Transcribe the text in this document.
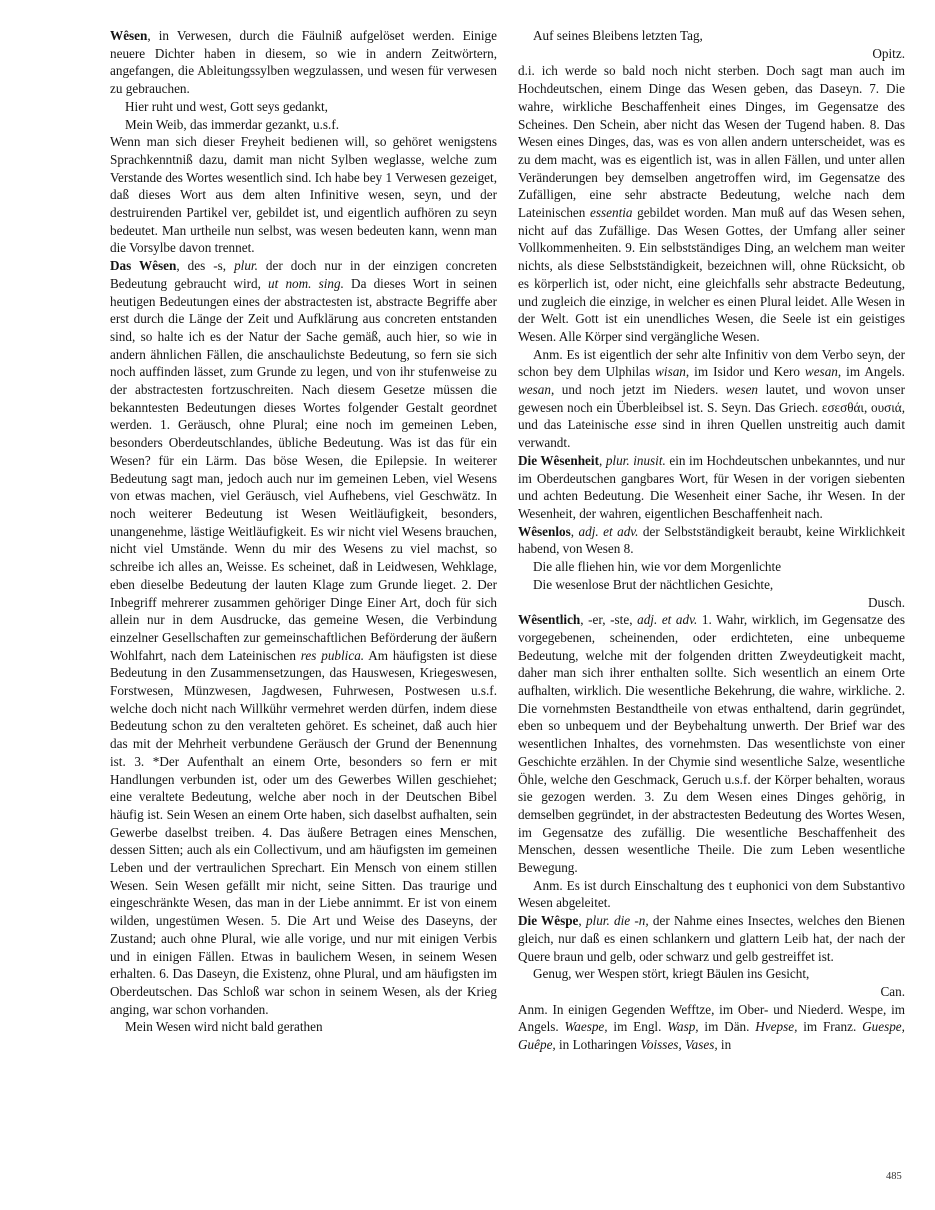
Wêsen, in Verwesen, durch die Fäulniß aufgelöset werden. Einige neuere Dichter haben in diesem, so wie in andern Zeitwörtern, angefangen, die Ableitungssylben wegzulassen, und wesen für verwesen zu gebrauchen.
Hier ruht und west, Gott seys gedankt,
Mein Weib, das immerdar gezankt, u.s.f.
Wenn man sich dieser Freyheit bedienen will, so gehöret wenigstens Sprachkenntniß dazu, damit man nicht Sylben weglasse, welche zum Verstande des Wortes wesentlich sind. Ich habe bey 1 Verwesen gezeiget, daß dieses Wort aus dem alten Infinitive wesen, seyn, und der destruirenden Partikel ver, gebildet ist, und eigentlich aufhören zu seyn bedeutet. Man urtheile nun selbst, was wesen bedeuten kann, wenn man die Vorsylbe davon trennet.
Das Wêsen, des -s, plur. der doch nur in der einzigen concreten Bedeutung gebraucht wird, ut nom. sing. Da dieses Wort in seinen heutigen Bedeutungen eines der abstractesten ist, abstracte Begriffe aber erst durch die Länge der Zeit und Aufklärung aus concreten entstanden sind, so halte ich es der Natur der Sache gemäß, auch hier, so wie in andern ähnlichen Fällen, die anschaulichste Bedeutung, so fern sie sich noch auffinden lässet, zum Grunde zu legen, und von ihr stufenweise zu der abstractesten fortzuschreiten. Nach diesem Gesetze müssen die bekanntesten Bedeutungen dieses Wortes folgender Gestalt geordnet werden. 1. Geräusch, ohne Plural; eine noch im gemeinen Leben, besonders Oberdeutschlandes, übliche Bedeutung. Was ist das für ein Wesen? für ein Lärm. Das böse Wesen, die Epilepsie. In weiterer Bedeutung sagt man, jedoch auch nur im gemeinen Leben, viel Wesens von etwas machen, viel Geräusch, viel Aufhebens, viel Geschwätz. In noch weiterer Bedeutung ist Wesen Weitläufigkeit, besonders, unangenehme, lästige Weitläufigkeit. Es wir nicht viel Wesens brauchen, nicht viel Umstände. Wenn du mir des Wesens zu viel machst, so schreibe ich alles an, Weisse. Es scheinet, daß in Leidwesen, Wehklage, eben dieselbe Bedeutung der lauten Klage zum Grunde lieget. 2. Der Inbegriff mehrerer zusammen gehöriger Dinge Einer Art, doch für sich allein nur in dem Ausdrucke, das gemeine Wesen, die Verbindung einzelner Gesellschaften zur gemeinschaftlichen Beförderung der äußern Wohlfahrt, nach dem Lateinischen res publica. Am häufigsten ist diese Bedeutung in den Zusammensetzungen, das Hauswesen, Kriegeswesen, Forstwesen, Münzwesen, Jagdwesen, Fuhrwesen, Postwesen u.s.f. welche doch nicht nach Willkühr vermehret werden dürfen, indem diese Bedeutung schon zu den veralteten gehöret. Es scheinet, daß auch hier das mit der Mehrheit verbundene Geräusch der Grund der Benennung ist. 3. *Der Aufenthalt an einem Orte, besonders so fern er mit Handlungen verbunden ist, oder um des Gewerbes Willen geschiehet; eine veraltete Bedeutung, welche aber noch in der Deutschen Bibel häufig ist. Sein Wesen an einem Orte haben, sich daselbst aufhalten, sein Gewerbe daselbst treiben. 4. Das äußere Betragen eines Menschen, dessen Sitten; auch als ein Collectivum, und am häufigsten im gemeinen Leben und der vertraulichen Sprechart. Ein Mensch von einem stillen Wesen. Sein Wesen gefällt mir nicht, seine Sitten. Das traurige und eingeschränkte Wesen, das man in der Liebe annimmt. Er ist von einem wilden, ungestümen Wesen. 5. Die Art und Weise des Daseyns, der Zustand; auch ohne Plural, wie alle vorige, und nur mit einigen Verbis und in einigen Fällen. Etwas in baulichem Wesen, in seinem Wesen erhalten. 6. Das Daseyn, die Existenz, ohne Plural, und am häufigsten im Oberdeutschen. Das Schloß war schon in seinem Wesen, als der Krieg anging, war schon vorhanden.
Mein Wesen wird nicht bald gerathen
Auf seines Bleibens letzten Tag,
Opitz.
d.i. ich werde so bald noch nicht sterben. Doch sagt man auch im Hochdeutschen, einem Dinge das Wesen geben, das Daseyn. 7. Die wahre, wirkliche Beschaffenheit eines Dinges, im Gegensatze des Scheines. Den Schein, aber nicht das Wesen der Tugend haben. 8. Das Wesen eines Dinges, das, was es von allen andern unterscheidet, was es zu dem macht, was es eigentlich ist, was in allen Fällen, und unter allen Veränderungen bey demselben angetroffen wird, im Gegensatze des Zufälligen, eine sehr abstracte Bedeutung, welche nach dem Lateinischen essentia gebildet worden. Man muß auf das Wesen sehen, nicht auf das Zufällige. Das Wesen Gottes, der Umfang aller seiner Vollkommenheiten. 9. Ein selbstständiges Ding, an welchem man weiter nichts, als diese Selbstständigkeit, bezeichnen will, ohne Rücksicht, ob es körperlich ist, oder nicht, eine gleichfalls sehr abstracte Bedeutung, und zugleich die einzige, in welcher es einen Plural leidet. Alle Wesen in der Welt. Gott ist ein unendliches Wesen, die Seele ist ein geistiges Wesen. Alle Körper sind vergängliche Wesen.
Anm. Es ist eigentlich der sehr alte Infinitiv von dem Verbo seyn, der schon bey dem Ulphilas wisan, im Isidor und Kero wesan, im Angels. wesan, und noch jetzt im Nieders. wesen lautet, und wovon unser gewesen noch ein Überbleibsel ist. S. Seyn. Das Griech. εσεσθάι, ουσιά, und das Lateinische esse sind in ihren Quellen unstreitig auch damit verwandt.
Die Wêsenheit, plur. inusit. ein im Hochdeutschen unbekanntes, und nur im Oberdeutschen gangbares Wort, für Wesen in der vorigen siebenten und achten Bedeutung. Die Wesenheit einer Sache, ihr Wesen. In der Wesenheit, der wahren, eigentlichen Beschaffenheit nach.
Wêsenlos, adj. et adv. der Selbstständigkeit beraubt, keine Wirklichkeit habend, von Wesen 8.
Die alle fliehen hin, wie vor dem Morgenlichte
Die wesenlose Brut der nächtlichen Gesichte,
Dusch.
Wêsentlich, -er, -ste, adj. et adv. 1. Wahr, wirklich, im Gegensatze des vorgegebenen, scheinenden, oder erdichteten, eine unbequeme Bedeutung, welche mit der folgenden dritten Zweydeutigkeit macht, daher man sich ihrer enthalten sollte. Sich wesentlich an einem Orte aufhalten, wirklich. Die wesentliche Bekehrung, die wahre, wirkliche. 2. Die vornehmsten Bestandtheile von etwas enthaltend, darin gegründet, eben so unbequem und der Beybehaltung unwerth. Der Brief war des wesentlichen Inhaltes, des vornehmsten. Das wesentlichste von einer Geschichte erzählen. In der Chymie sind wesentliche Salze, wesentliche Öhle, welche den Geschmack, Geruch u.s.f. der Körper behalten, woraus sie gezogen werden. 3. Zu dem Wesen eines Dinges gehörig, in demselben gegründet, in der abstractesten Bedeutung des Wortes Wesen, im Gegensatze des zufällig. Die wesentliche Beschaffenheit des Menschen, dessen wesentliche Theile. Die zum Leben wesentliche Bewegung.
Anm. Es ist durch Einschaltung des t euphonici von dem Substantivo Wesen abgeleitet.
Die Wêspe, plur. die -n, der Nahme eines Insectes, welches den Bienen gleich, nur daß es einen schlankern und glattern Leib hat, der nach der Quere braun und gelb, oder schwarz und gelb gestreiffet ist.
Genug, wer Wespen stört, kriegt Bäulen ins Gesicht,
Can.
Anm. In einigen Gegenden Wefftze, im Ober- und Niederd. Wespe, im Angels. Waespe, im Engl. Wasp, im Dän. Hvepse, im Franz. Guespe, Guêpe, in Lotharingen Voisses, Vases, in
485
